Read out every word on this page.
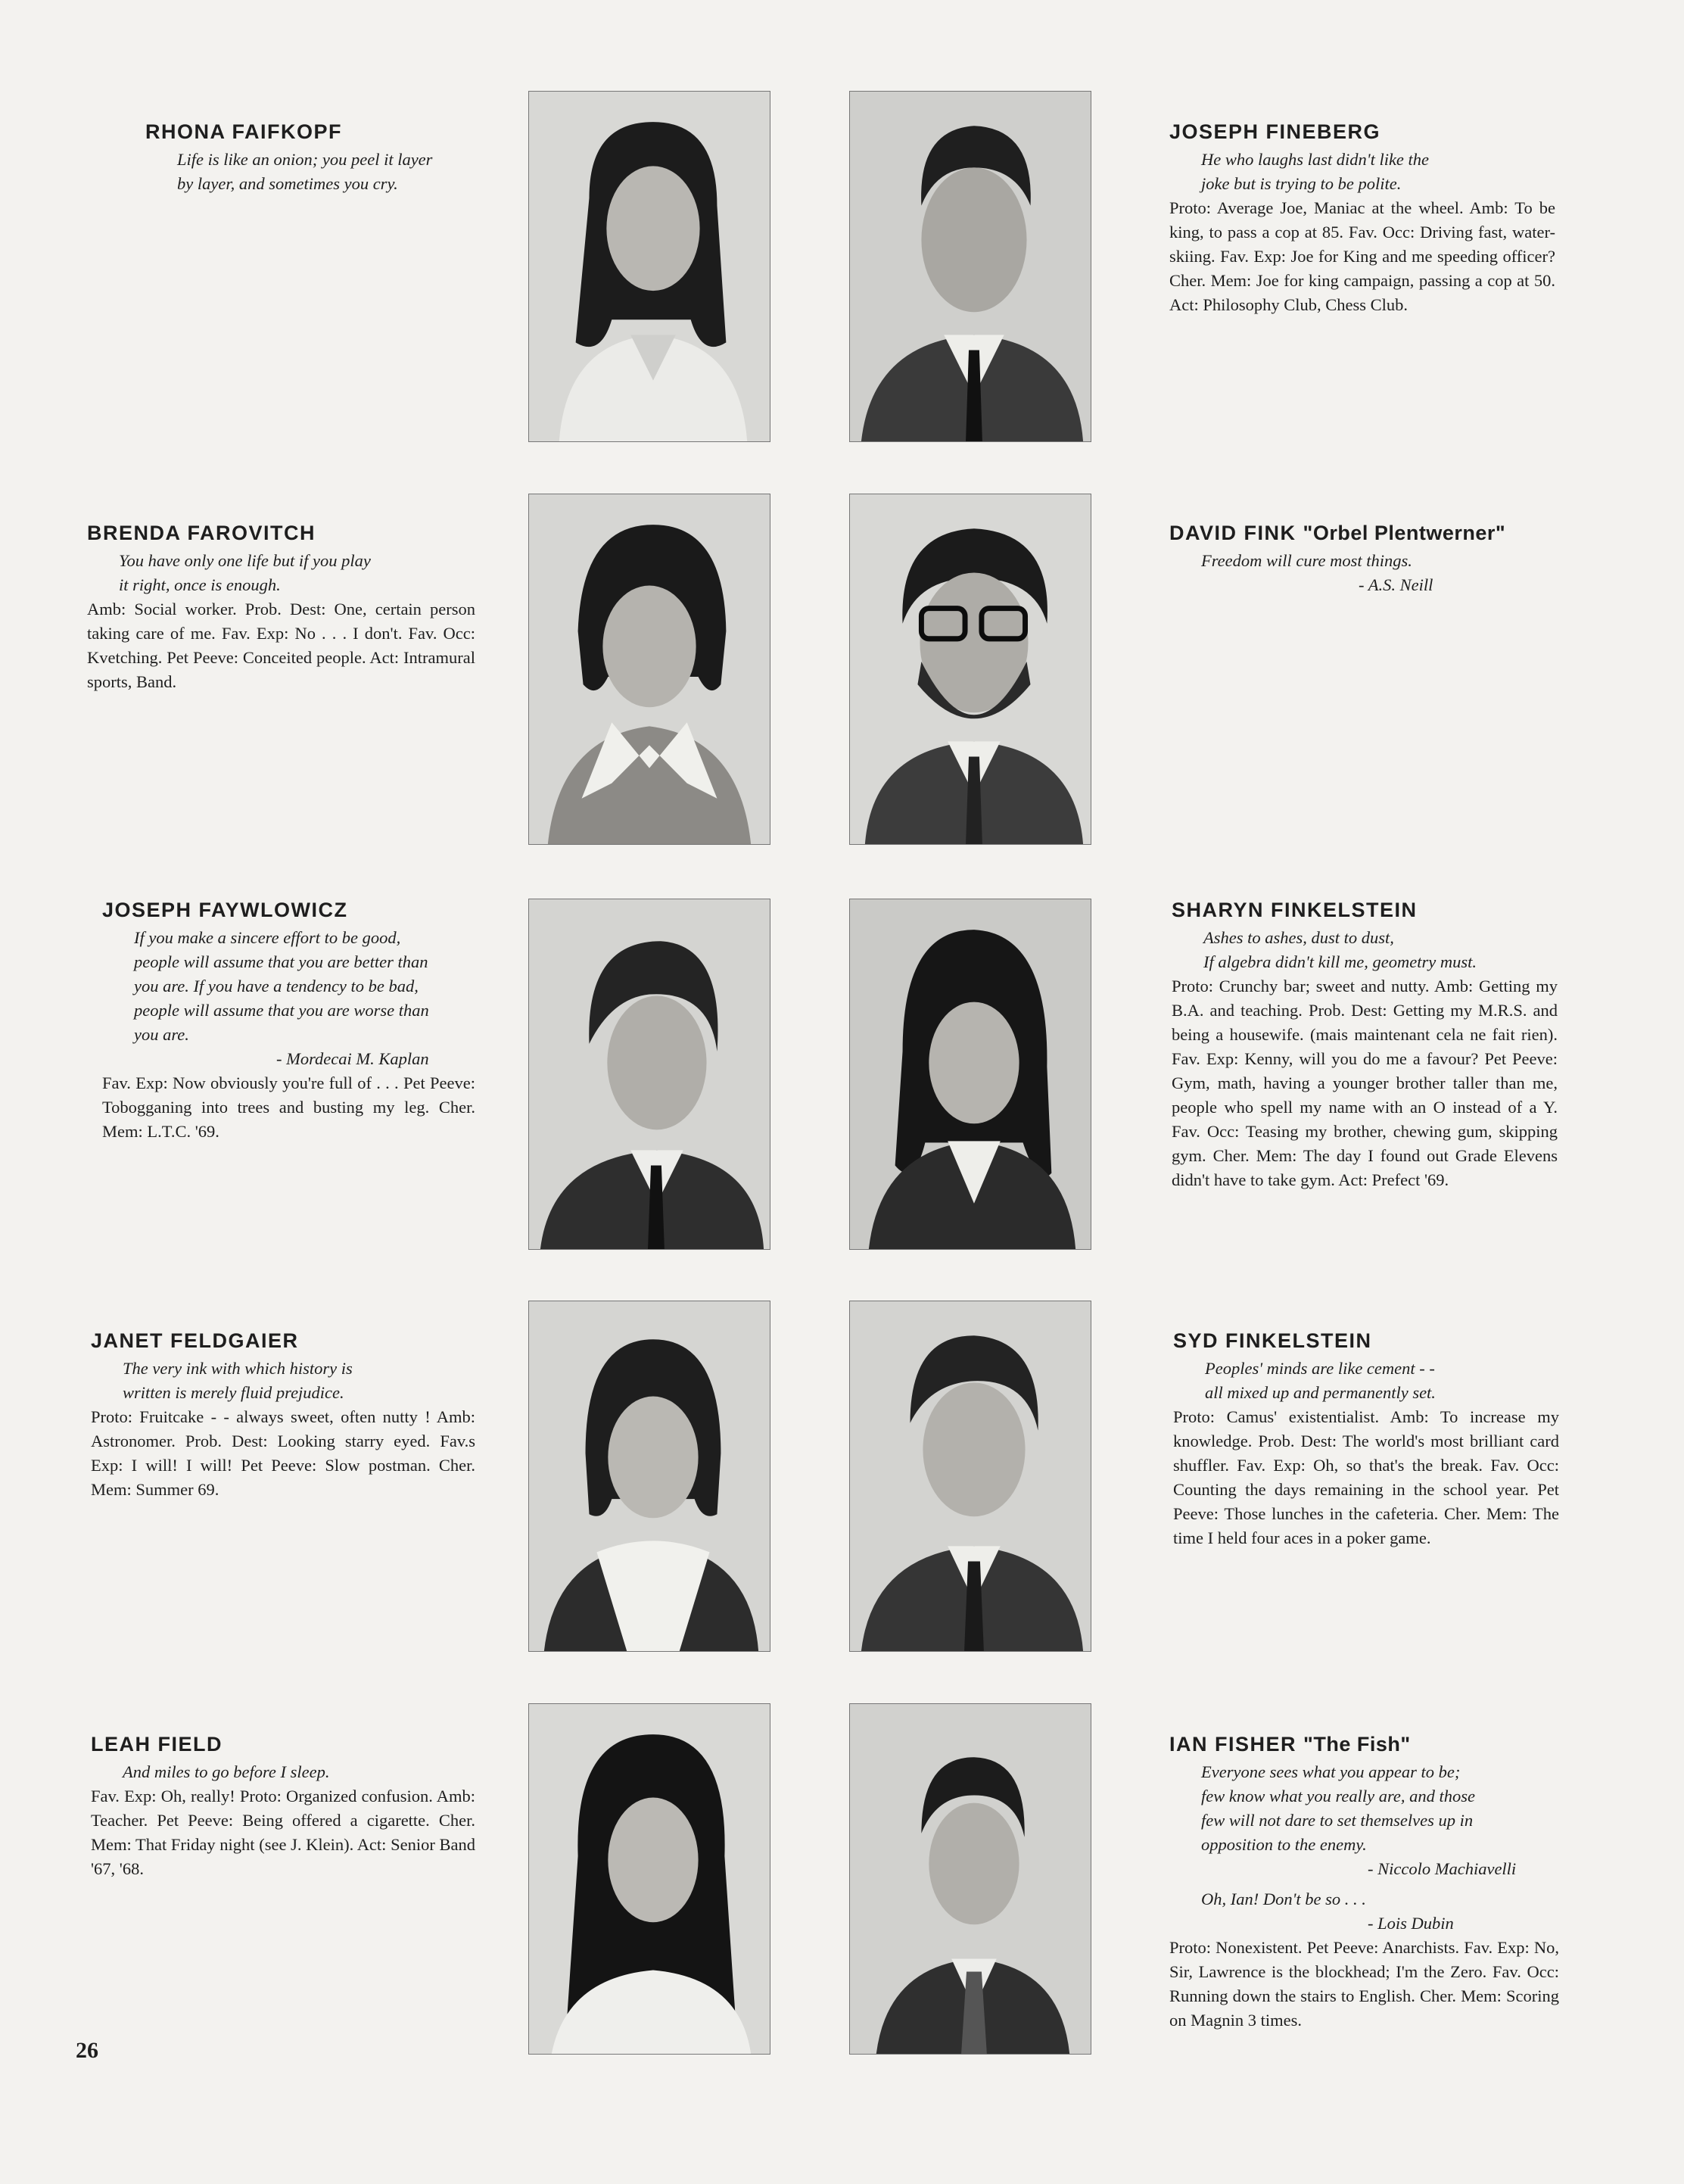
RHONA FAIFKOPF
Life is like an onion; you peel it layer
by layer, and sometimes you cry.
BRENDA FAROVITCH
You have only one life but if you play
it right, once is enough.
Amb: Social worker. Prob. Dest: One, certain person taking care of me. Fav. Exp: No . . . I don't. Fav. Occ: Kvetching. Pet Peeve: Conceited people. Act: Intramural sports, Band.
JOSEPH FAYWLOWICZ
If you make a sincere effort to be good,
people will assume that you are better than
you are. If you have a tendency to be bad,
people will assume that you are worse than
you are.
- Mordecai M. Kaplan
Fav. Exp: Now obviously you're full of . . . Pet Peeve: Tobogganing into trees and busting my leg. Cher. Mem: L.T.C. '69.
JANET FELDGAIER
The very ink with which history is
written is merely fluid prejudice.
Proto: Fruitcake - - always sweet, often nutty ! Amb: Astronomer. Prob. Dest: Looking starry eyed. Fav.s Exp: I will! I will! Pet Peeve: Slow postman. Cher. Mem: Summer 69.
LEAH FIELD
And miles to go before I sleep.
Fav. Exp: Oh, really! Proto: Organized confusion. Amb: Teacher. Pet Peeve: Being offered a cigarette. Cher. Mem: That Friday night (see J. Klein). Act: Senior Band '67, '68.
JOSEPH FINEBERG
He who laughs last didn't like the
joke but is trying to be polite.
Proto: Average Joe, Maniac at the wheel. Amb: To be king, to pass a cop at 85. Fav. Occ: Driving fast, water-skiing. Fav. Exp: Joe for King and me speeding officer? Cher. Mem: Joe for king campaign, passing a cop at 50. Act: Philosophy Club, Chess Club.
DAVID FINK "Orbel Plentwerner"
Freedom will cure most things.
- A.S. Neill
SHARYN FINKELSTEIN
Ashes to ashes, dust to dust,
If algebra didn't kill me, geometry must.
Proto: Crunchy bar; sweet and nutty. Amb: Getting my B.A. and teaching. Prob. Dest: Getting my M.R.S. and being a housewife. (mais maintenant cela ne fait rien). Fav. Exp: Kenny, will you do me a favour? Pet Peeve: Gym, math, having a younger brother taller than me, people who spell my name with an O instead of a Y. Fav. Occ: Teasing my brother, chewing gum, skipping gym. Cher. Mem: The day I found out Grade Elevens didn't have to take gym. Act: Prefect '69.
SYD FINKELSTEIN
Peoples' minds are like cement - -
all mixed up and permanently set.
Proto: Camus' existentialist. Amb: To increase my knowledge. Prob. Dest: The world's most brilliant card shuffler. Fav. Exp: Oh, so that's the break. Fav. Occ: Counting the days remaining in the school year. Pet Peeve: Those lunches in the cafeteria. Cher. Mem: The time I held four aces in a poker game.
IAN FISHER "The Fish"
Everyone sees what you appear to be;
few know what you really are, and those
few will not dare to set themselves up in
opposition to the enemy.
- Niccolo Machiavelli
Oh, Ian! Don't be so . . .
- Lois Dubin
Proto: Nonexistent. Pet Peeve: Anarchists. Fav. Exp: No, Sir, Lawrence is the blockhead; I'm the Zero. Fav. Occ: Running down the stairs to English. Cher. Mem: Scoring on Magnin 3 times.
26
